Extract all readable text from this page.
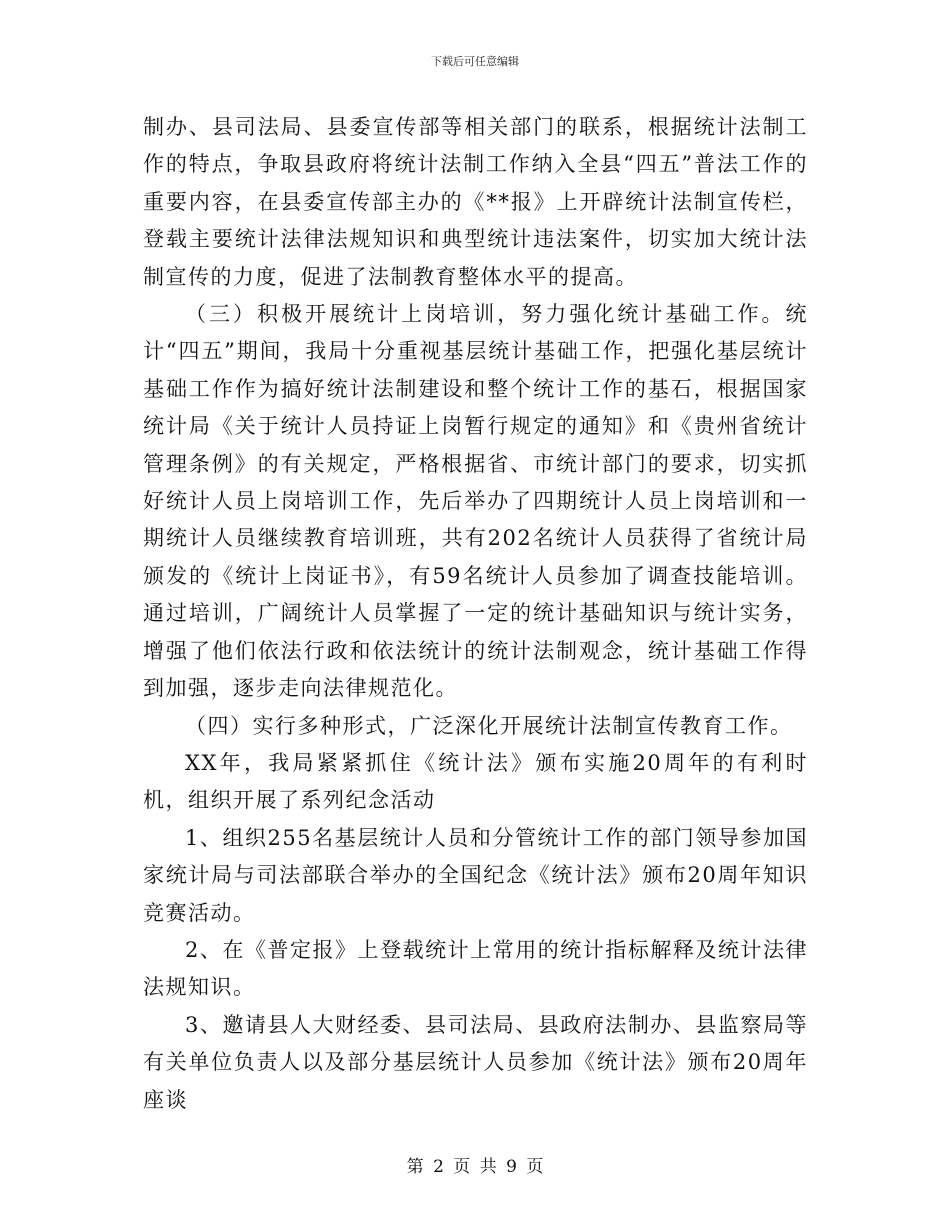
下载后可任意编辑

制办、县司法局、县委宣传部等相关部门的联系，根据统计法制工作的特点，争取县政府将统计法制工作纳入全县“四五”普法工作的重要内容，在县委宣传部主办的《**报》上开辟统计法制宣传栏，登载主要统计法律法规知识和典型统计违法案件，切实加大统计法制宣传的力度，促进了法制教育整体水平的提高。

（三）积极开展统计上岗培训，努力强化统计基础工作。统计“四五”期间，我局十分重视基层统计基础工作，把强化基层统计基础工作作为搞好统计法制建设和整个统计工作的基石，根据国家统计局《关于统计人员持证上岗暂行规定的通知》和《贵州省统计管理条例》的有关规定，严格根据省、市统计部门的要求，切实抓好统计人员上岗培训工作，先后举办了四期统计人员上岗培训和一期统计人员继续教育培训班，共有202名统计人员获得了省统计局颁发的《统计上岗证书》，有59名统计人员参加了调查技能培训。通过培训，广阔统计人员掌握了一定的统计基础知识与统计实务，增强了他们依法行政和依法统计的统计法制观念，统计基础工作得到加强，逐步走向法律规范化。

（四）实行多种形式，广泛深化开展统计法制宣传教育工作。

XX年，我局紧紧抓住《统计法》颁布实施20周年的有利时机，组织开展了系列纪念活动

1、组织255名基层统计人员和分管统计工作的部门领导参加国家统计局与司法部联合举办的全国纪念《统计法》颁布20周年知识竞赛活动。

2、在《普定报》上登载统计上常用的统计指标解释及统计法律法规知识。

3、邀请县人大财经委、县司法局、县政府法制办、县监察局等有关单位负责人以及部分基层统计人员参加《统计法》颁布20周年座谈

第 2 页 共 9 页
